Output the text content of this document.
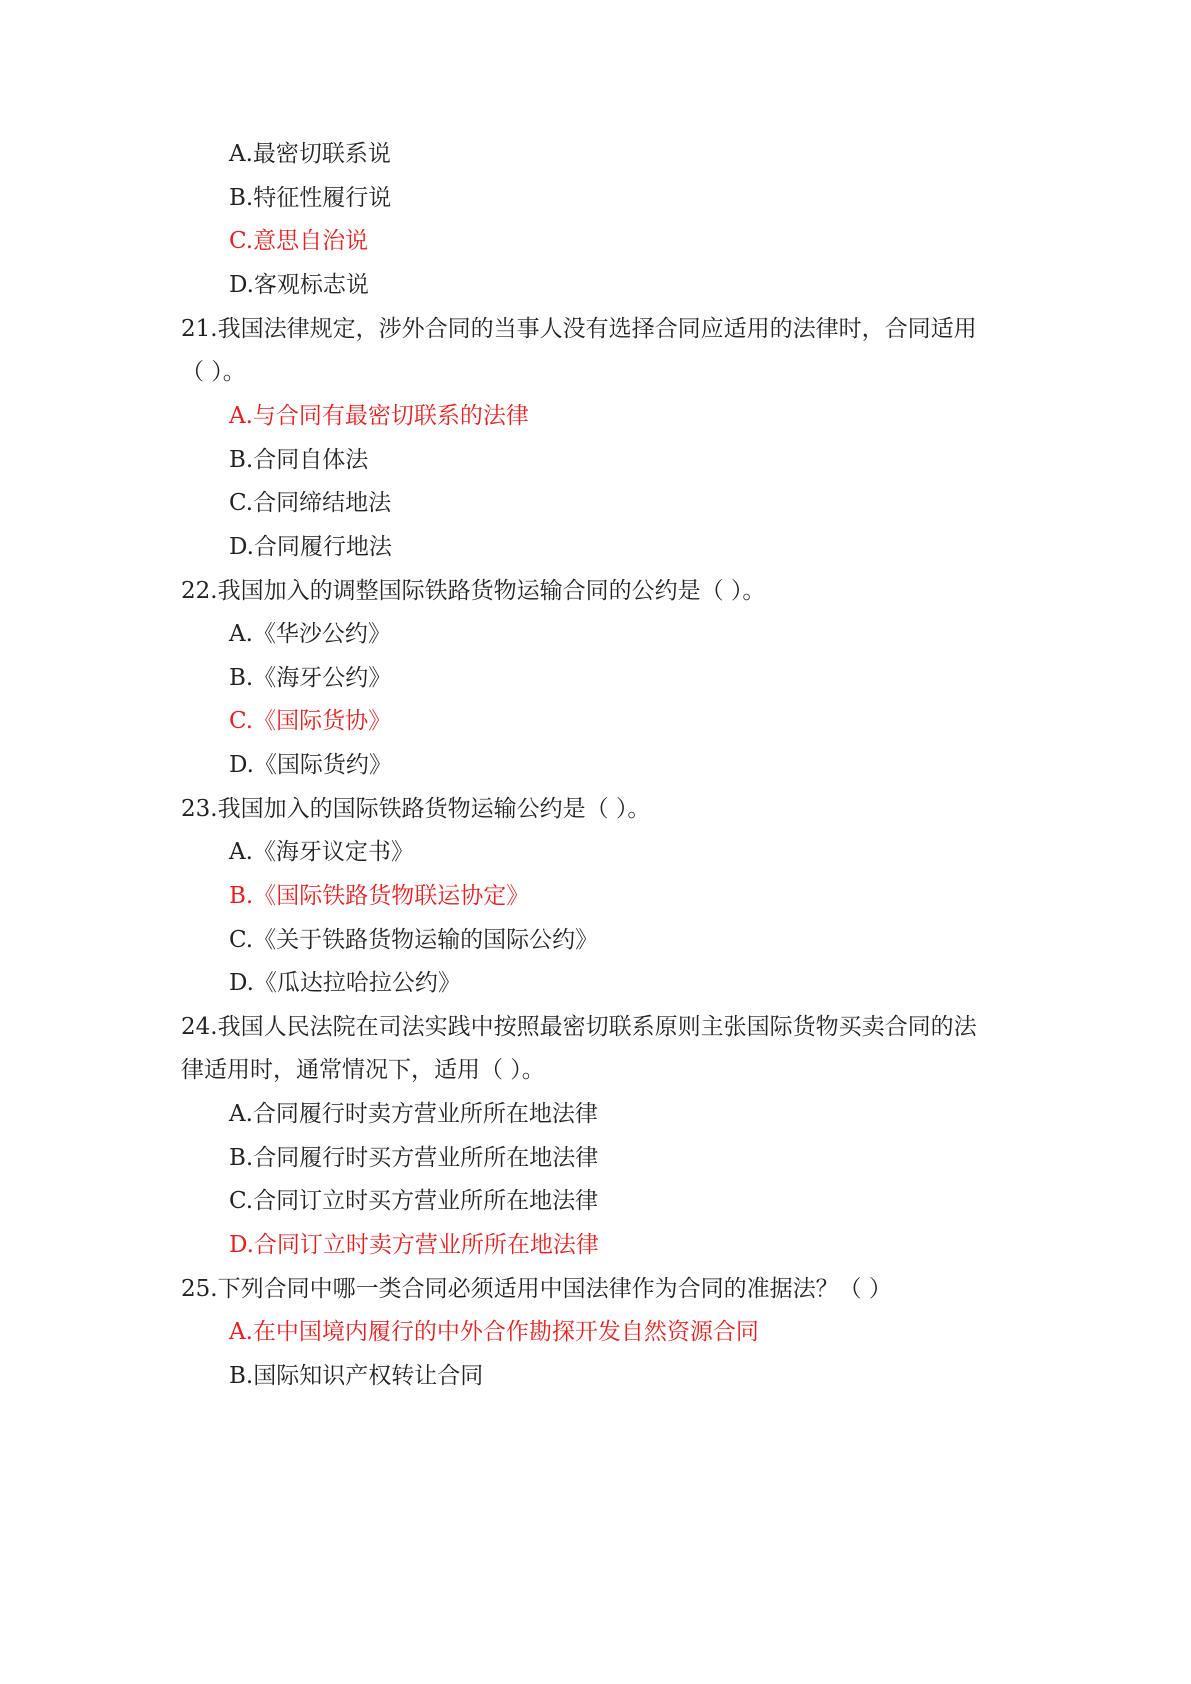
A.最密切联系说
B.特征性履行说
C.意思自治说
D.客观标志说
21.我国法律规定，涉外合同的当事人没有选择合同应适用的法律时，合同适用
（ ）。
A.与合同有最密切联系的法律
B.合同自体法
C.合同缔结地法
D.合同履行地法
22.我国加入的调整国际铁路货物运输合同的公约是（ ）。
A.《华沙公约》
B.《海牙公约》
C.《国际货协》
D.《国际货约》
23.我国加入的国际铁路货物运输公约是（ ）。
A.《海牙议定书》
B.《国际铁路货物联运协定》
C.《关于铁路货物运输的国际公约》
D.《瓜达拉哈拉公约》
24.我国人民法院在司法实践中按照最密切联系原则主张国际货物买卖合同的法
律适用时，通常情况下，适用（ ）。
A.合同履行时卖方营业所所在地法律
B.合同履行时买方营业所所在地法律
C.合同订立时买方营业所所在地法律
D.合同订立时卖方营业所所在地法律
25.下列合同中哪一类合同必须适用中国法律作为合同的准据法？（ ）
A.在中国境内履行的中外合作勘探开发自然资源合同
B.国际知识产权转让合同
